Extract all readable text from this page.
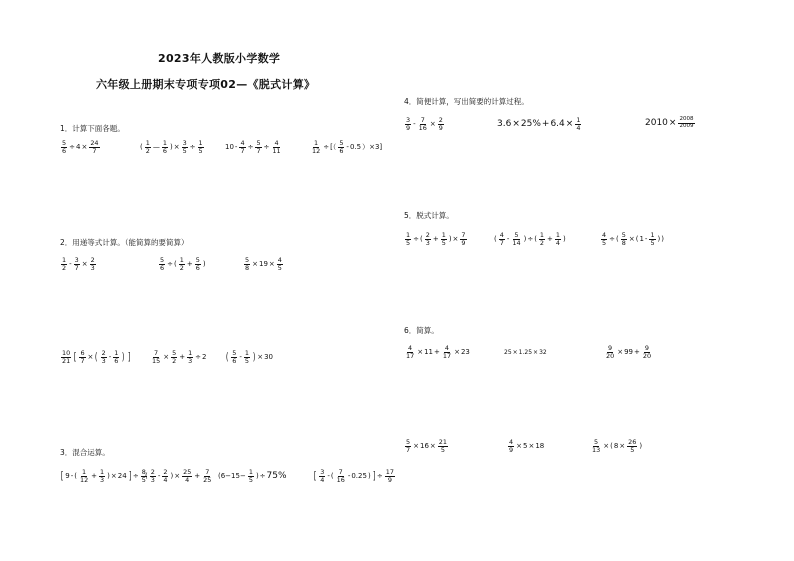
2023年人教版小学数学
六年级上册期末专项专项02—《脱式计算》
1．计算下面各题。
2．用递等式计算。（能简算的要简算）
3．混合运算。
4．简便计算，写出简要的计算过程。
5．脱式计算。
6．简算。
$\frac{5}{6} \div 4 \times \frac{24}{7}$	( $\frac{1}{2}$ — $\frac{1}{6}$ ) × $\frac{3}{5} \div \frac{1}{5}$	$10 - \frac{4}{7} \div \frac{5}{7} \div \frac{4}{11}$	$\frac{1}{12}$ ÷ [（ $\frac{5}{6} - 0.5$ ）×3]
$\frac{1}{2} - \frac{3}{7} \times \frac{2}{3}$	$\frac{5}{6}$ ÷ ( $\frac{1}{2} + \frac{5}{6}$ )	$\frac{5}{8} \times 19 \times \frac{4}{5}$
$\frac{10}{21}$ [ $\frac{6}{7}$ × ( $\frac{2}{3} - \frac{1}{6}$ ) ]	$\frac{7}{15} \times \frac{5}{2} + \frac{1}{3} \div 2$ ( $\frac{5}{6} - \frac{1}{5}$ ) × 30
[ 9 - ( $\frac{1}{12} + \frac{1}{3}$ ) × 24 ] ÷ $\frac{8}{5}$
( $\frac{2}{3} - \frac{2}{4}$ ) × $\frac{25}{4} + \frac{7}{25} (6-15- \frac{1}{5}$ ) ÷ 75%	[ $\frac{3}{4}$ - ( $\frac{7}{16} - 0.25$ ) ] ÷ $\frac{17}{9}$
$\frac{3}{9} - \frac{7}{16} \times \frac{2}{9}$	$3.6 \times 25\% + 6.4 \times \frac{1}{4}$	$2010 \times \frac{2008}{2009}$
$\frac{1}{5}$ ÷ ( $\frac{2}{3} + \frac{1}{5}$ ) × $\frac{7}{9}$	( $\frac{4}{7} - \frac{5}{14}$ ) ÷ ( $\frac{1}{2} + \frac{1}{4}$ )	$\frac{4}{5}$ ÷ ( $\frac{5}{8}$ × ( $1 - \frac{1}{5}$ ) )
$\frac{4}{17} \times 11 + \frac{4}{17} \times 23$	25 × 1.25 × 32	$\frac{9}{20} \times 99 + \frac{9}{20}$
$\frac{5}{7} \times 16 \times \frac{21}{5}$	$\frac{4}{9} \times 5 \times 18$	$\frac{5}{13}$ × ( $8 \times \frac{26}{5}$ )
